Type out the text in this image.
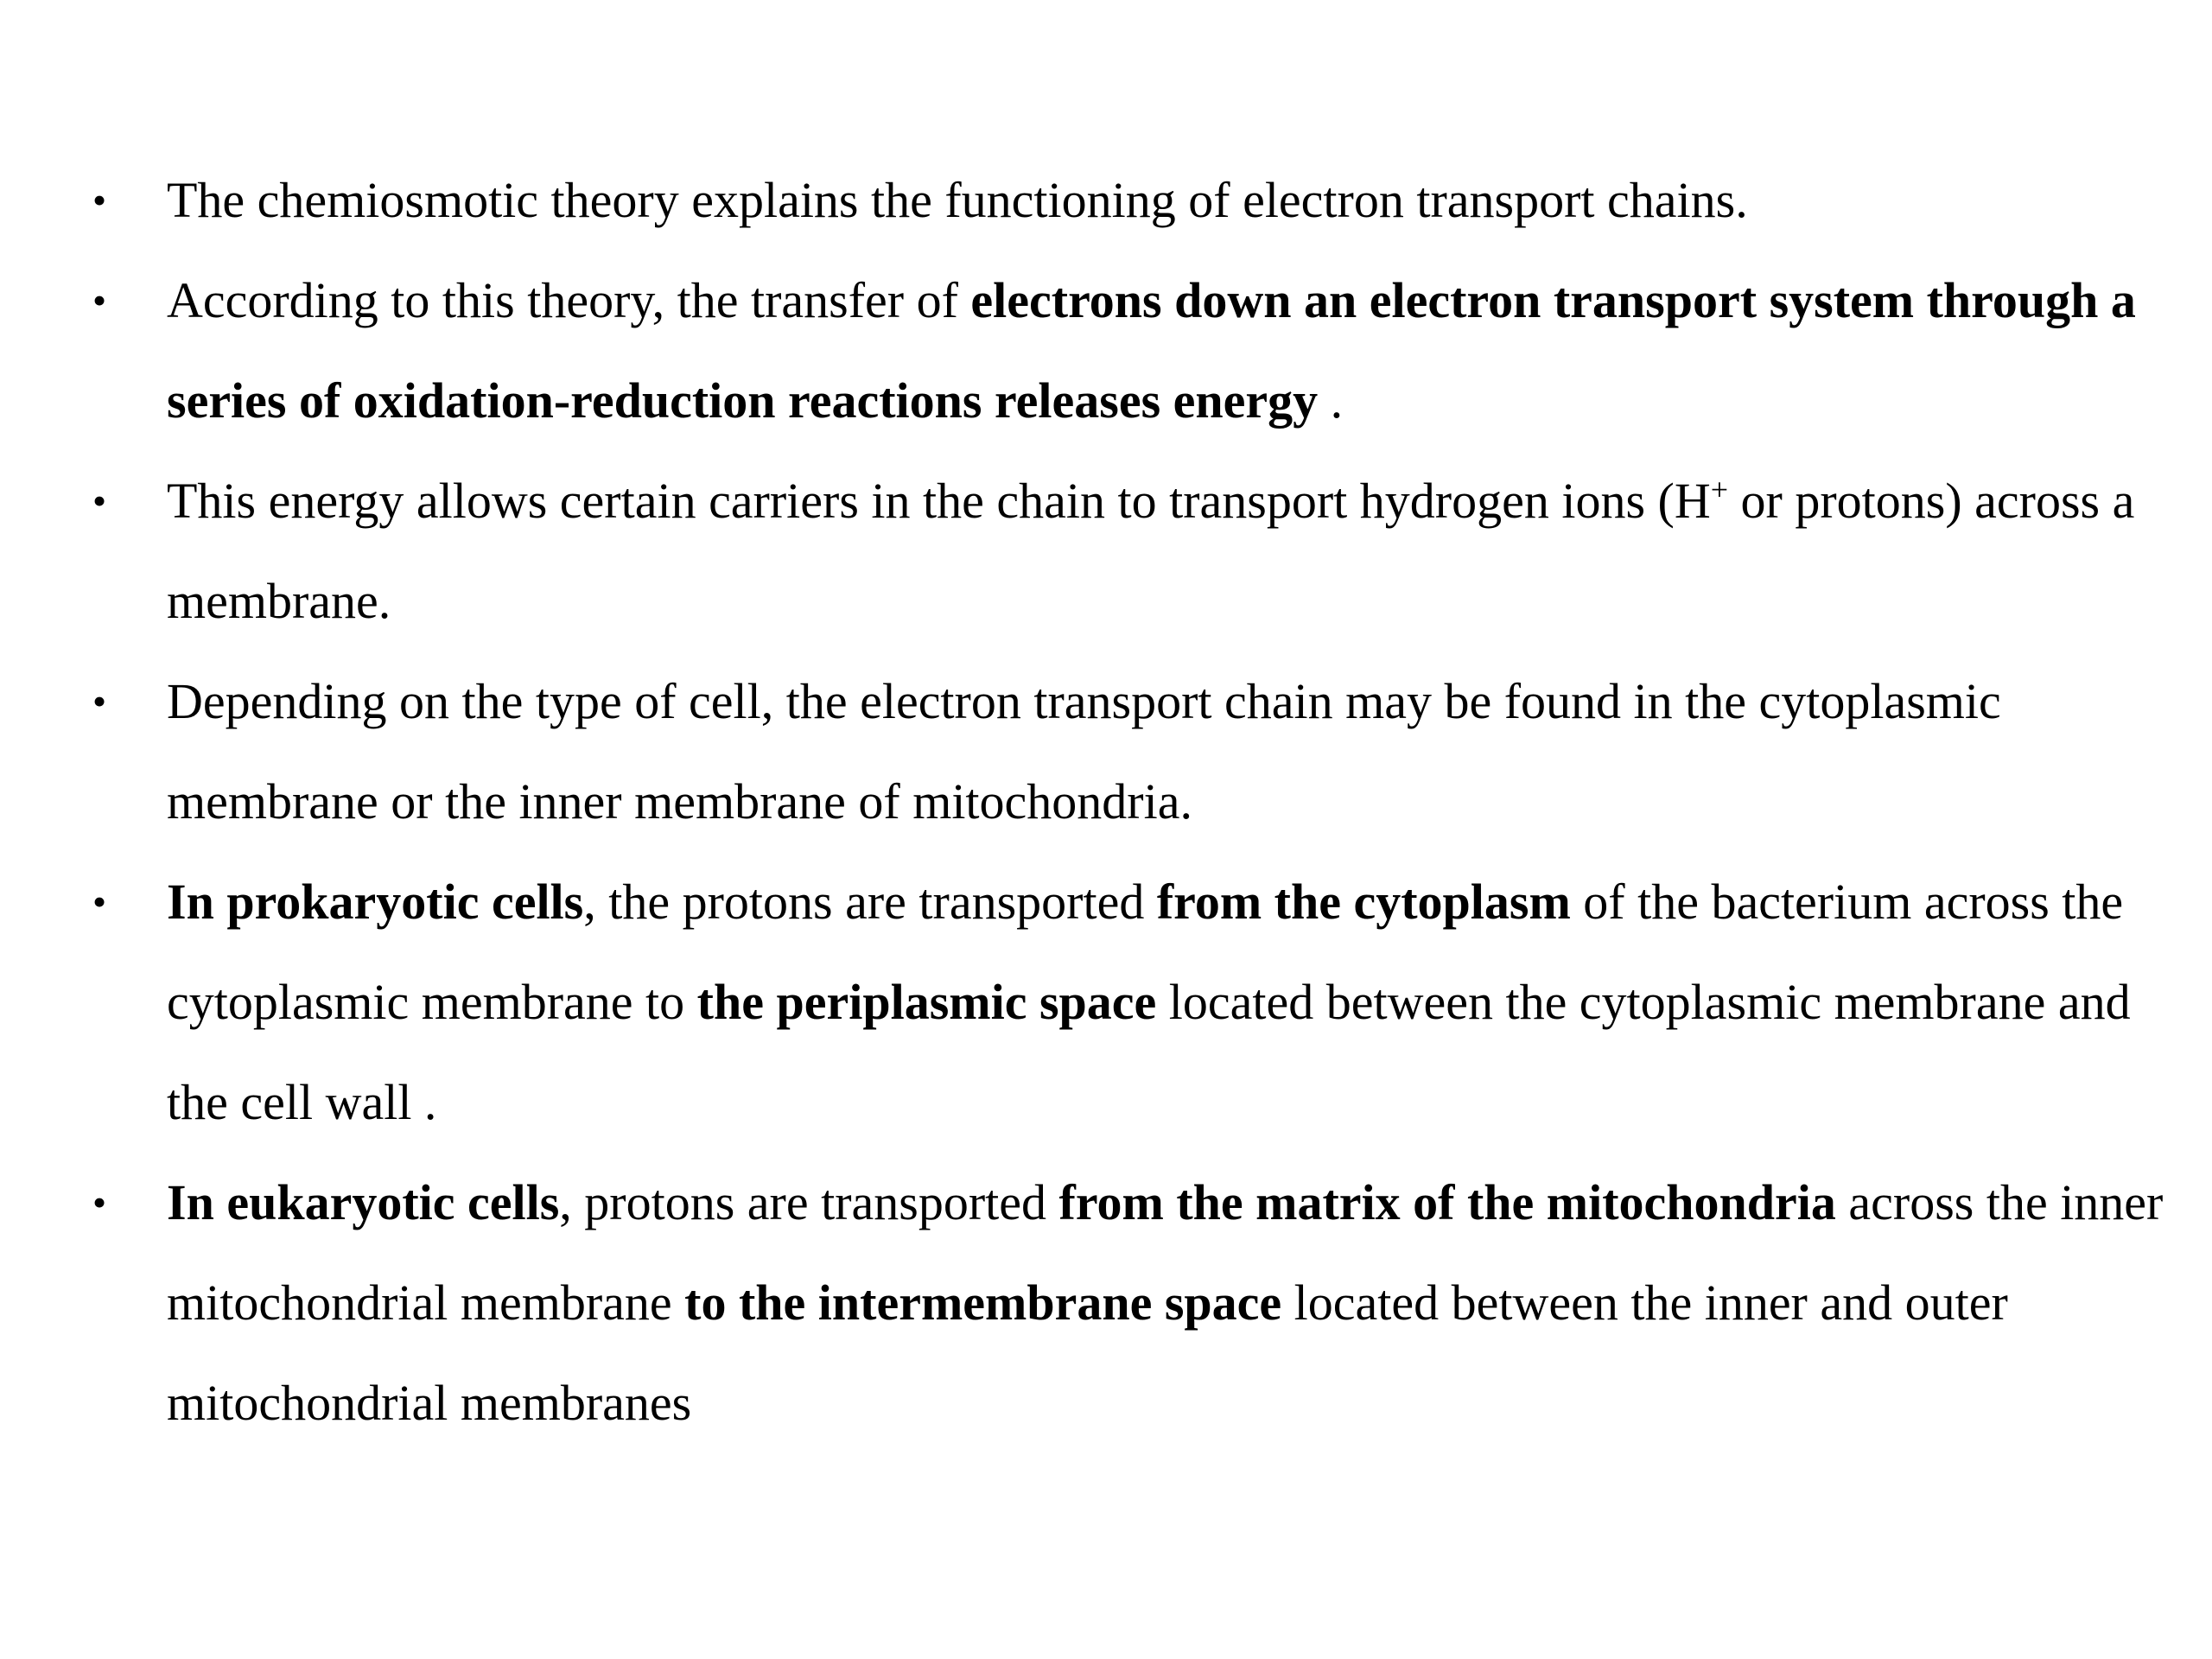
• The chemiosmotic theory explains the functioning of electron transport chains.
• According to this theory, the transfer of electrons down an electron transport system through a series of oxidation-reduction reactions releases energy .
• This energy allows certain carriers in the chain to transport hydrogen ions (H+ or protons) across a membrane.
• Depending on the type of cell, the electron transport chain may be found in the cytoplasmic membrane or the inner membrane of mitochondria.
• In prokaryotic cells, the protons are transported from the cytoplasm of the bacterium across the cytoplasmic membrane to the periplasmic space located between the cytoplasmic membrane and the cell wall .
• In eukaryotic cells, protons are transported from the matrix of the mitochondria across the inner mitochondrial membrane to the intermembrane space located between the inner and outer mitochondrial membranes
